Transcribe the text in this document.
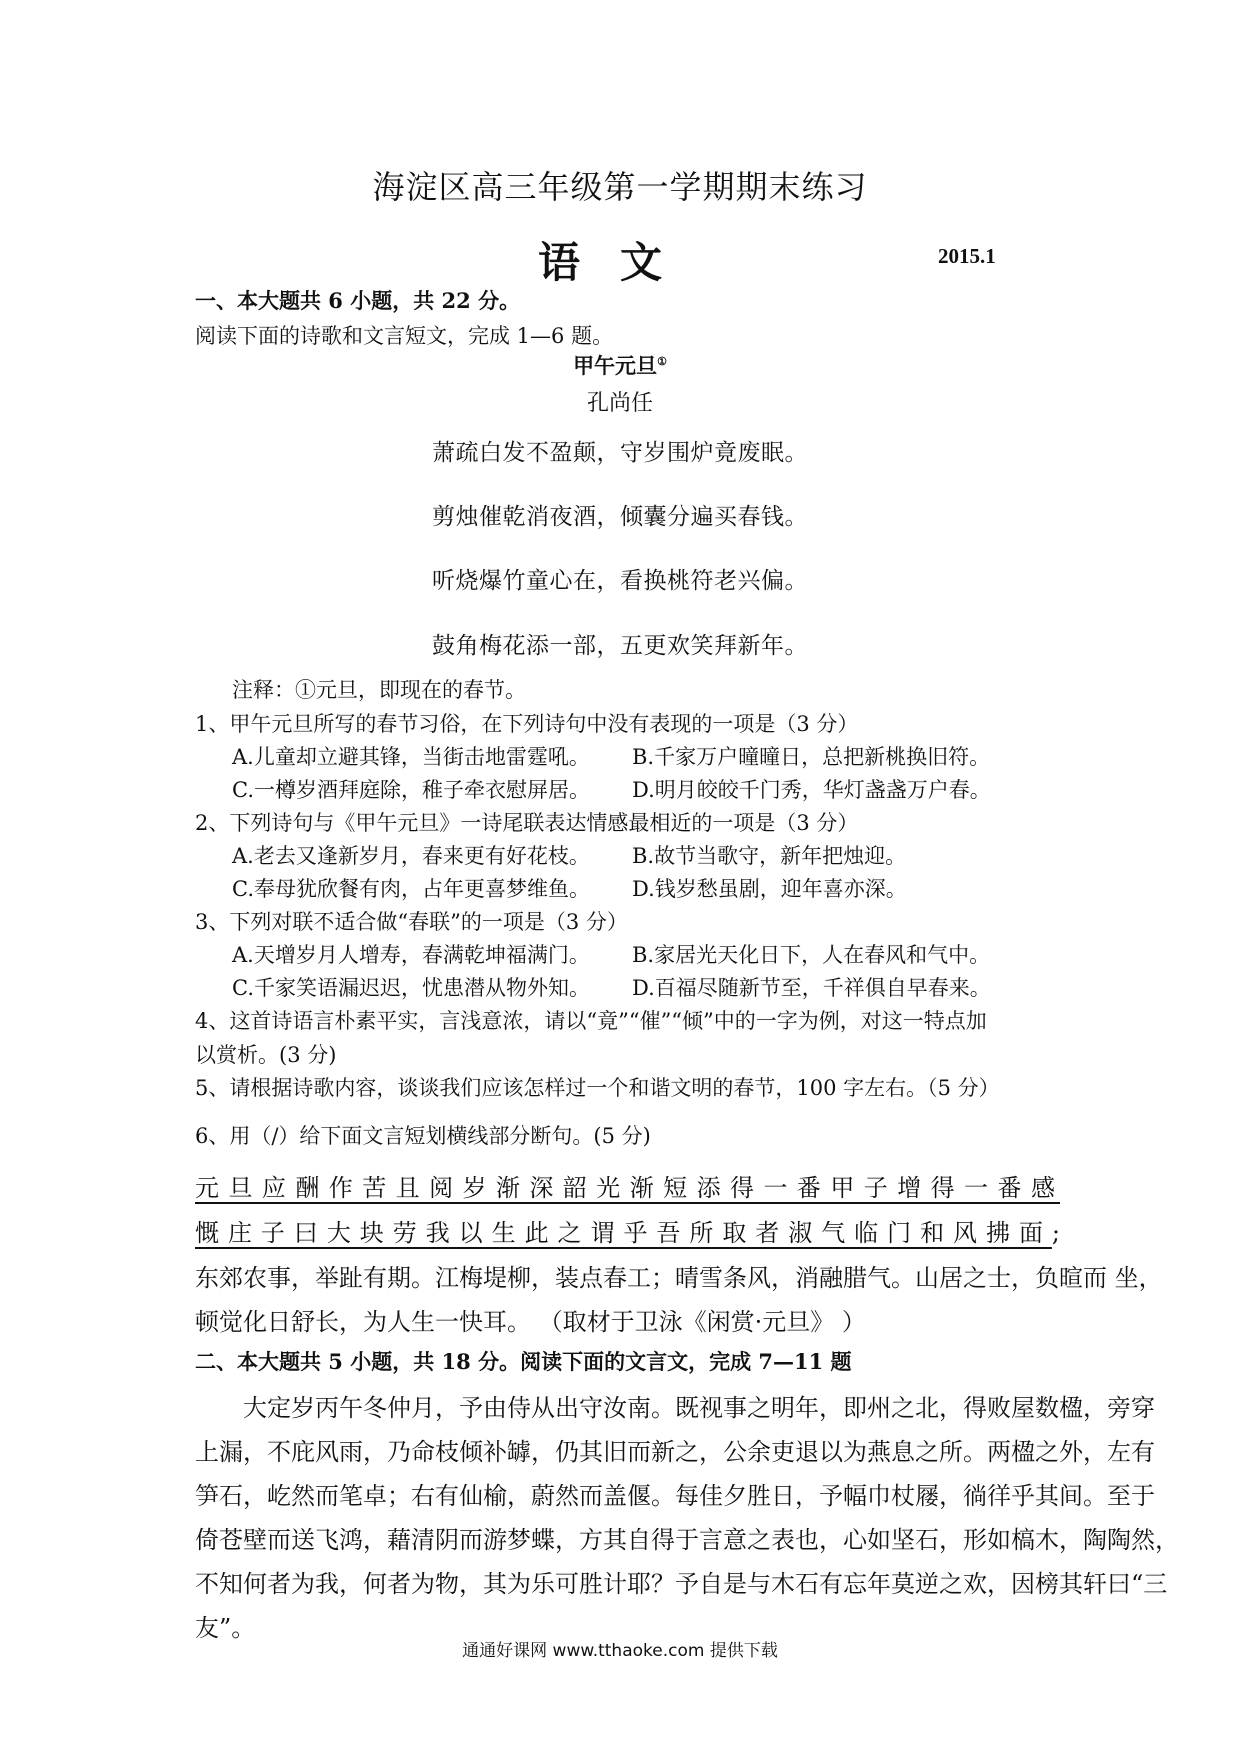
海淀区高三年级第一学期期末练习
语文	2015.1
一、本大题共 6 小题，共 22 分。
阅读下面的诗歌和文言短文，完成 1—6 题。
甲午元旦①
孔尚任
萧疏白发不盈颠，守岁围炉竟废眠。
剪烛催乾消夜酒，倾囊分遍买春钱。
听烧爆竹童心在，看换桃符老兴偏。
鼓角梅花添一部，五更欢笑拜新年。
注释：①元旦，即现在的春节。
1、甲午元旦所写的春节习俗，在下列诗句中没有表现的一项是（3 分）
A.儿童却立避其锋，当街击地雷霆吼。 B.千家万户曈曈日，总把新桃换旧符。
C.一樽岁酒拜庭除，稚子牵衣慰屏居。 D.明月皎皎千门秀，华灯盏盏万户春。
2、下列诗句与《甲午元旦》一诗尾联表达情感最相近的一项是（3 分）
A.老去又逢新岁月，春来更有好花枝。 B.故节当歌守，新年把烛迎。
C.奉母犹欣餐有肉，占年更喜梦维鱼。 D.钱岁愁虽剧，迎年喜亦深。
3、下列对联不适合做“春联”的一项是（3 分）
A.天增岁月人增寿，春满乾坤福满门。 B.家居光天化日下，人在春风和气中。
C.千家笑语漏迟迟，忧患潜从物外知。 D.百福尽随新节至，千祥俱自早春来。
4、这首诗语言朴素平实，言浅意浓，请以“竟”“催”“倾”中的一字为例，对这一特点加
以赏析。(3 分)
5、请根据诗歌内容，谈谈我们应该怎样过一个和谐文明的春节，100 字左右。（5 分）
6、用（/）给下面文言短划横线部分断句。(5 分)
元旦应酬作苦且阅岁渐深韶光渐短添得一番甲子增得一番感
慨庄子曰大块劳我以生此之谓乎吾所取者淑气临门和风拂面;
东郊农事，举趾有期。江梅堤柳，装点春工；晴雪条风，消融腊气。山居之士，负暄而 坐，
顿觉化日舒长，为人生一快耳。 （取材于卫泳《闲赏·元旦》 ）
二、本大题共 5 小题，共 18 分。阅读下面的文言文，完成 7—11 题
　　大定岁丙午冬仲月，予由侍从出守汝南。既视事之明年，即州之北，得败屋数楹，旁穿
上漏，不庇风雨，乃命枝倾补罅，仍其旧而新之，公余吏退以为燕息之所。两楹之外，左有
笋石，屹然而笔卓；右有仙榆，蔚然而盖偃。每佳夕胜日，予幅巾杖屦，徜徉乎其间。至于
倚苍壁而送飞鸿，藉清阴而游梦蝶，方其自得于言意之表也，心如坚石，形如槁木，陶陶然，
不知何者为我，何者为物，其为乐可胜计耶？予自是与木石有忘年莫逆之欢，因榜其轩曰“三
友”。
通通好课网 www.tthaoke.com 提供下载
